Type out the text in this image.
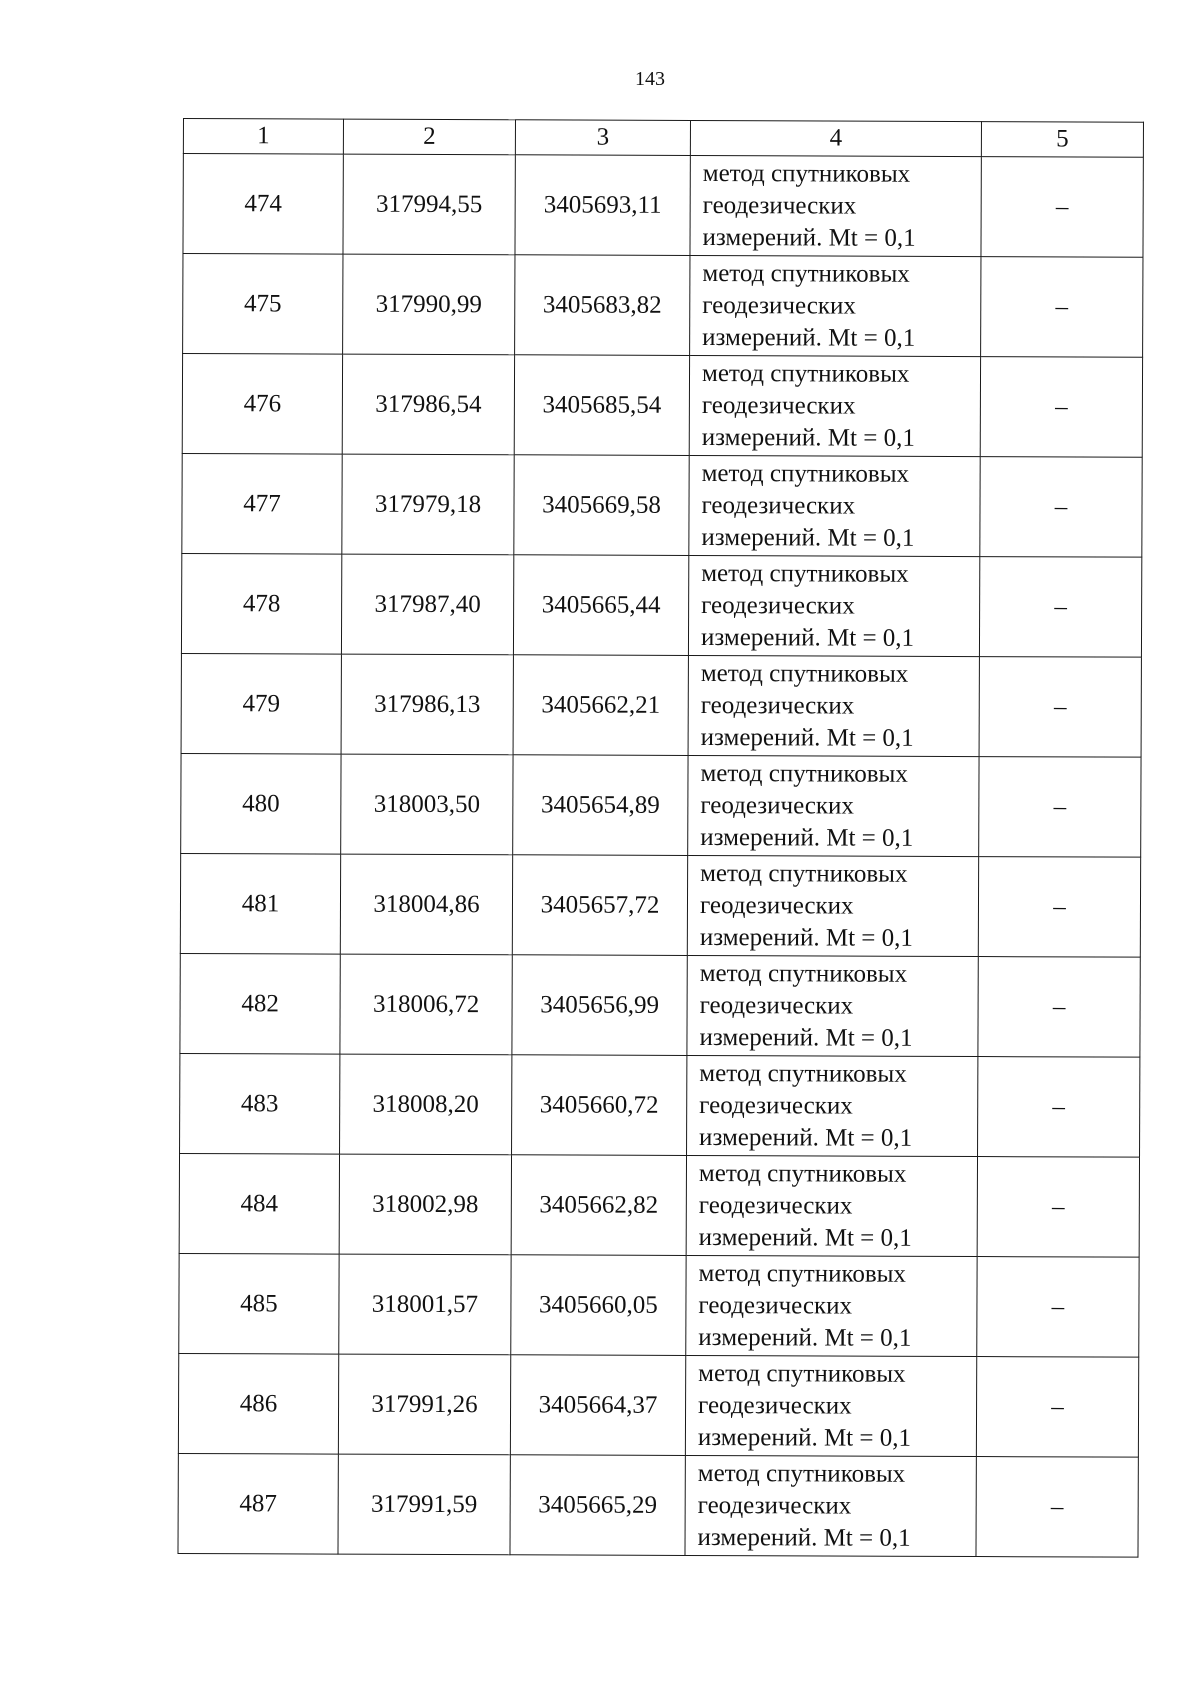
143
1	2	3	4	5
474	317994,55	3405693,11	метод спутниковых
геодезических
измерений. Mt = 0,1	–
475	317990,99	3405683,82	метод спутниковых
геодезических
измерений. Mt = 0,1	–
476	317986,54	3405685,54	метод спутниковых
геодезических
измерений. Mt = 0,1	–
477	317979,18	3405669,58	метод спутниковых
геодезических
измерений. Mt = 0,1	–
478	317987,40	3405665,44	метод спутниковых
геодезических
измерений. Mt = 0,1	–
479	317986,13	3405662,21	метод спутниковых
геодезических
измерений. Mt = 0,1	–
480	318003,50	3405654,89	метод спутниковых
геодезических
измерений. Mt = 0,1	–
481	318004,86	3405657,72	метод спутниковых
геодезических
измерений. Mt = 0,1	–
482	318006,72	3405656,99	метод спутниковых
геодезических
измерений. Mt = 0,1	–
483	318008,20	3405660,72	метод спутниковых
геодезических
измерений. Mt = 0,1	–
484	318002,98	3405662,82	метод спутниковых
геодезических
измерений. Mt = 0,1	–
485	318001,57	3405660,05	метод спутниковых
геодезических
измерений. Mt = 0,1	–
486	317991,26	3405664,37	метод спутниковых
геодезических
измерений. Mt = 0,1	–
487	317991,59	3405665,29	метод спутниковых
геодезических
измерений. Mt = 0,1	–
